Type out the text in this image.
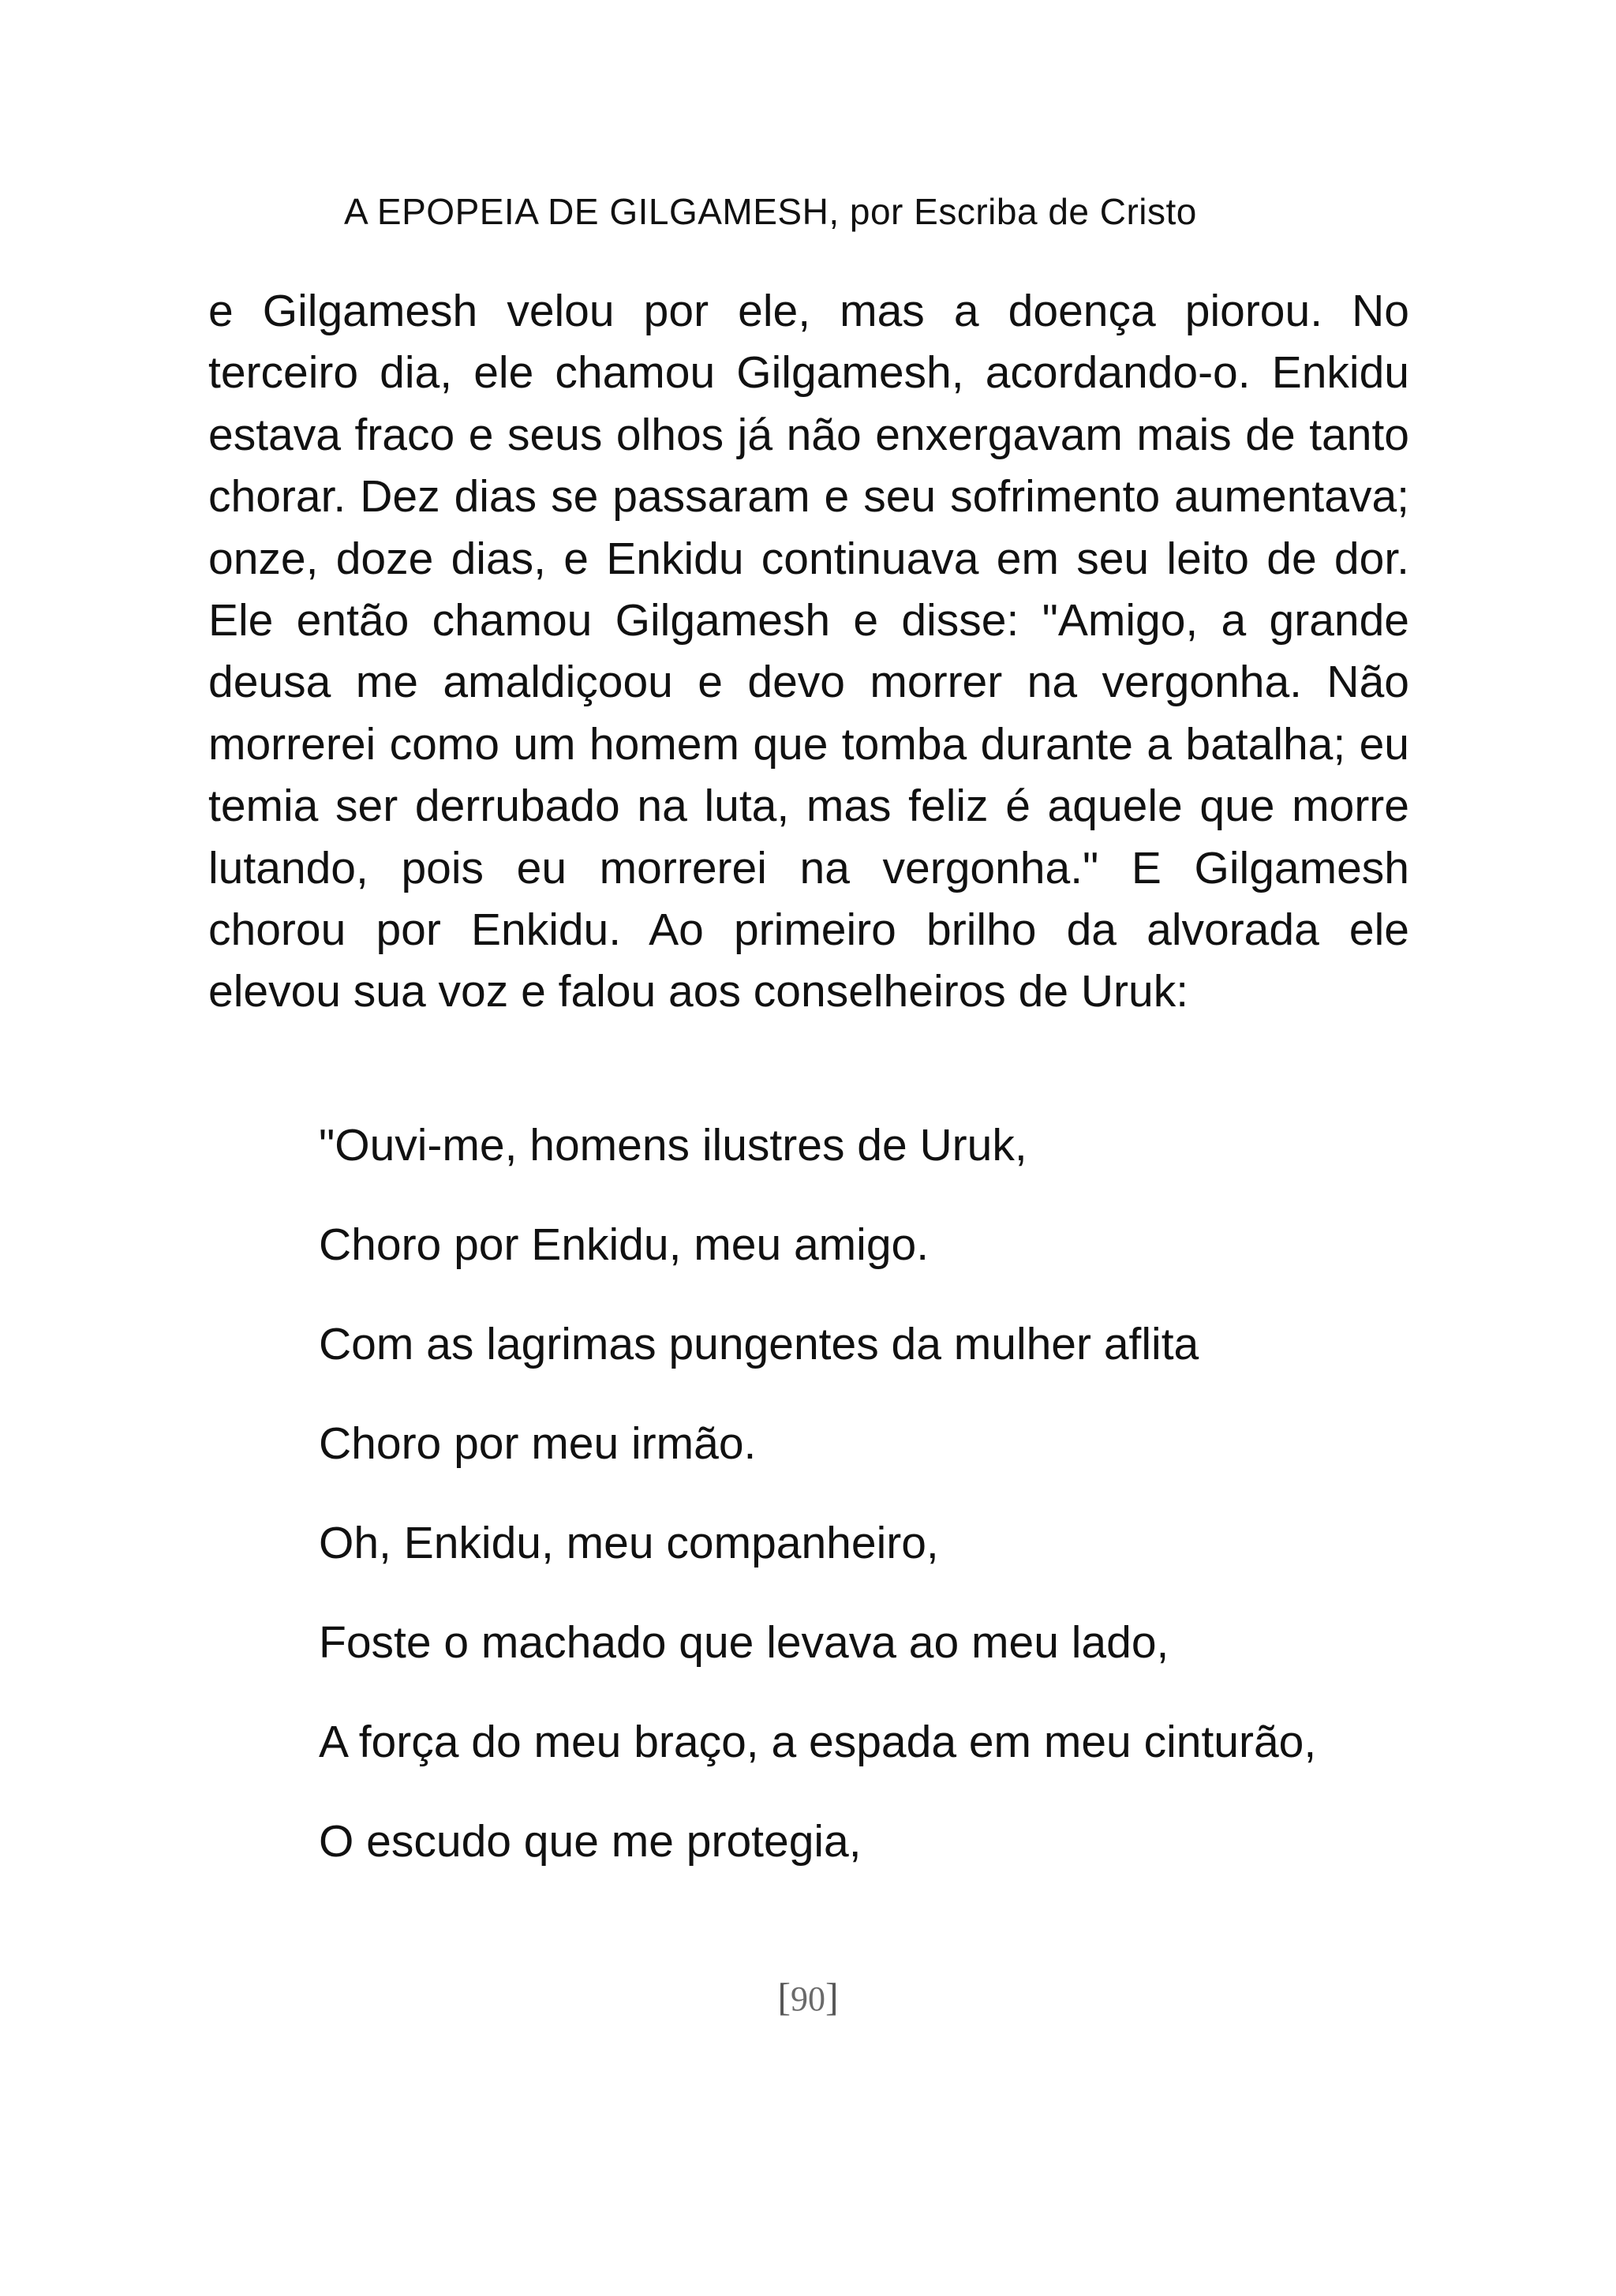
A EPOPEIA DE GILGAMESH, por Escriba de Cristo

e Gilgamesh velou por ele, mas a doença piorou. No terceiro dia, ele chamou Gilgamesh, acordando-o. Enkidu estava fraco e seus olhos já não enxergavam mais de tanto chorar. Dez dias se passaram e seu sofrimento aumentava; onze, doze dias, e Enkidu continuava em seu leito de dor. Ele então chamou Gilgamesh e disse: "Amigo, a grande deusa me amaldiçoou e devo morrer na vergonha. Não morrerei como um homem que tomba durante a batalha; eu temia ser derrubado na luta, mas feliz é aquele que morre lutando, pois eu morrerei na vergonha." E Gilgamesh chorou por Enkidu. Ao primeiro brilho da alvorada ele elevou sua voz e falou aos conselheiros de Uruk:

"Ouvi-me, homens ilustres de Uruk,
Choro por Enkidu, meu amigo.
Com as lagrimas pungentes da mulher aflita
Choro por meu irmão.
Oh, Enkidu, meu companheiro,
Foste o machado que levava ao meu lado,
A força do meu braço, a espada em meu cinturão,
O escudo que me protegia,
[90]
